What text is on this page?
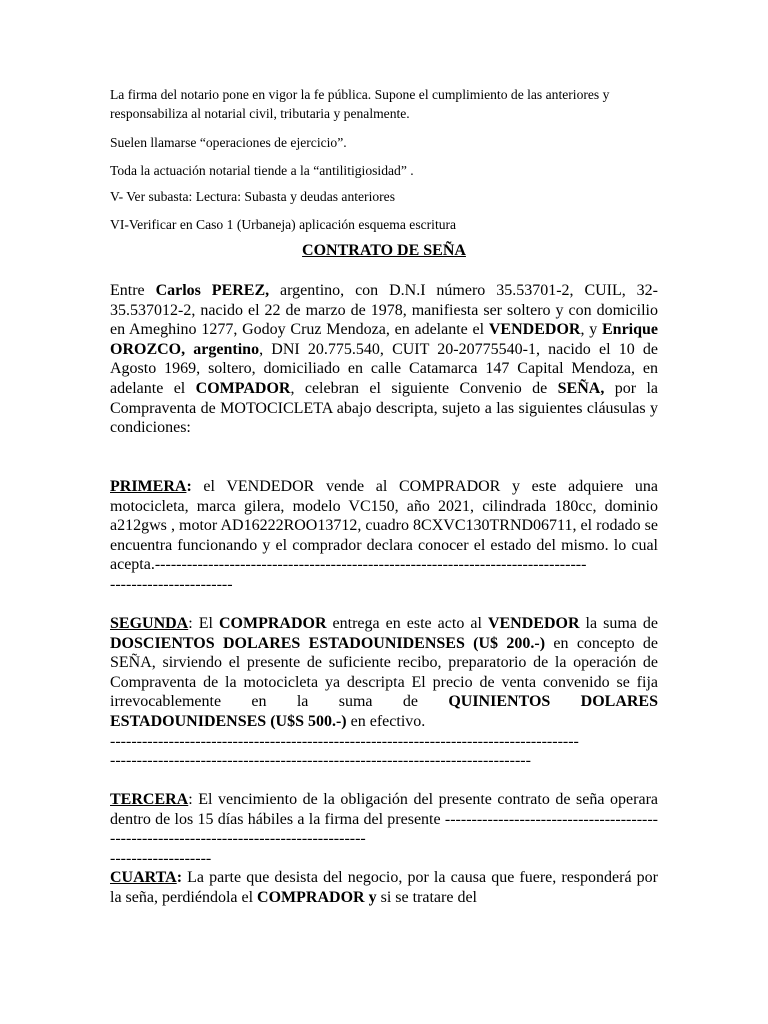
La firma del notario pone en vigor la fe pública. Supone el cumplimiento de las anteriores y responsabiliza al notarial civil, tributaria y penalmente.

Suelen llamarse “operaciones de ejercicio”.

Toda la actuación notarial tiende a la “antilitigiosidad” .

V- Ver subasta: Lectura: Subasta y deudas anteriores

VI-Verificar en Caso 1 (Urbaneja) aplicación esquema escritura

CONTRATO DE SEÑA

Entre Carlos PEREZ, argentino, con D.N.I número 35.53701-2, CUIL, 32- 35.537012-2, nacido el 22 de marzo de 1978, manifiesta ser soltero y con domicilio en Ameghino 1277, Godoy Cruz Mendoza, en adelante el VENDEDOR, y Enrique OROZCO, argentino, DNI 20.775.540, CUIT 20-20775540-1, nacido el 10 de Agosto 1969, soltero, domiciliado en calle Catamarca 147 Capital Mendoza, en adelante el COMPADOR, celebran el siguiente Convenio de SEÑA, por la Compraventa de MOTOCICLETA abajo descripta, sujeto a las siguientes cláusulas y condiciones:

PRIMERA: el VENDEDOR vende al COMPRADOR y este adquiere una motocicleta, marca gilera, modelo VC150, año 2021, cilindrada 180cc, dominio a212gws , motor AD16222ROO13712, cuadro 8CXVC130TRND06711, el rodado se encuentra funcionando y el comprador declara conocer el estado del mismo. lo cual acepta.---------------------------------------------------------------------------------
-----------------------

SEGUNDA: El COMPRADOR entrega en este acto al VENDEDOR la suma de DOSCIENTOS DOLARES ESTADOUNIDENSES (U$ 200.-) en concepto de SEÑA, sirviendo el presente de suficiente recibo, preparatorio de la operación de Compraventa de la motocicleta ya descripta El precio de venta convenido se fija irrevocablemente en la suma de QUINIENTOS DOLARES ESTADOUNIDENSES (U$S 500.-) en efectivo.
----------------------------------------------------------------------------------------
-------------------------------------------------------------------------------

TERCERA: El vencimiento de la obligación del presente contrato de seña operara dentro de los 15 días hábiles a la firma del presente ----------------------------------------------------------------------------------------
-------------------

CUARTA: La parte que desista del negocio, por la causa que fuere, responderá por la seña, perdiéndola el COMPRADOR y si se tratare del
